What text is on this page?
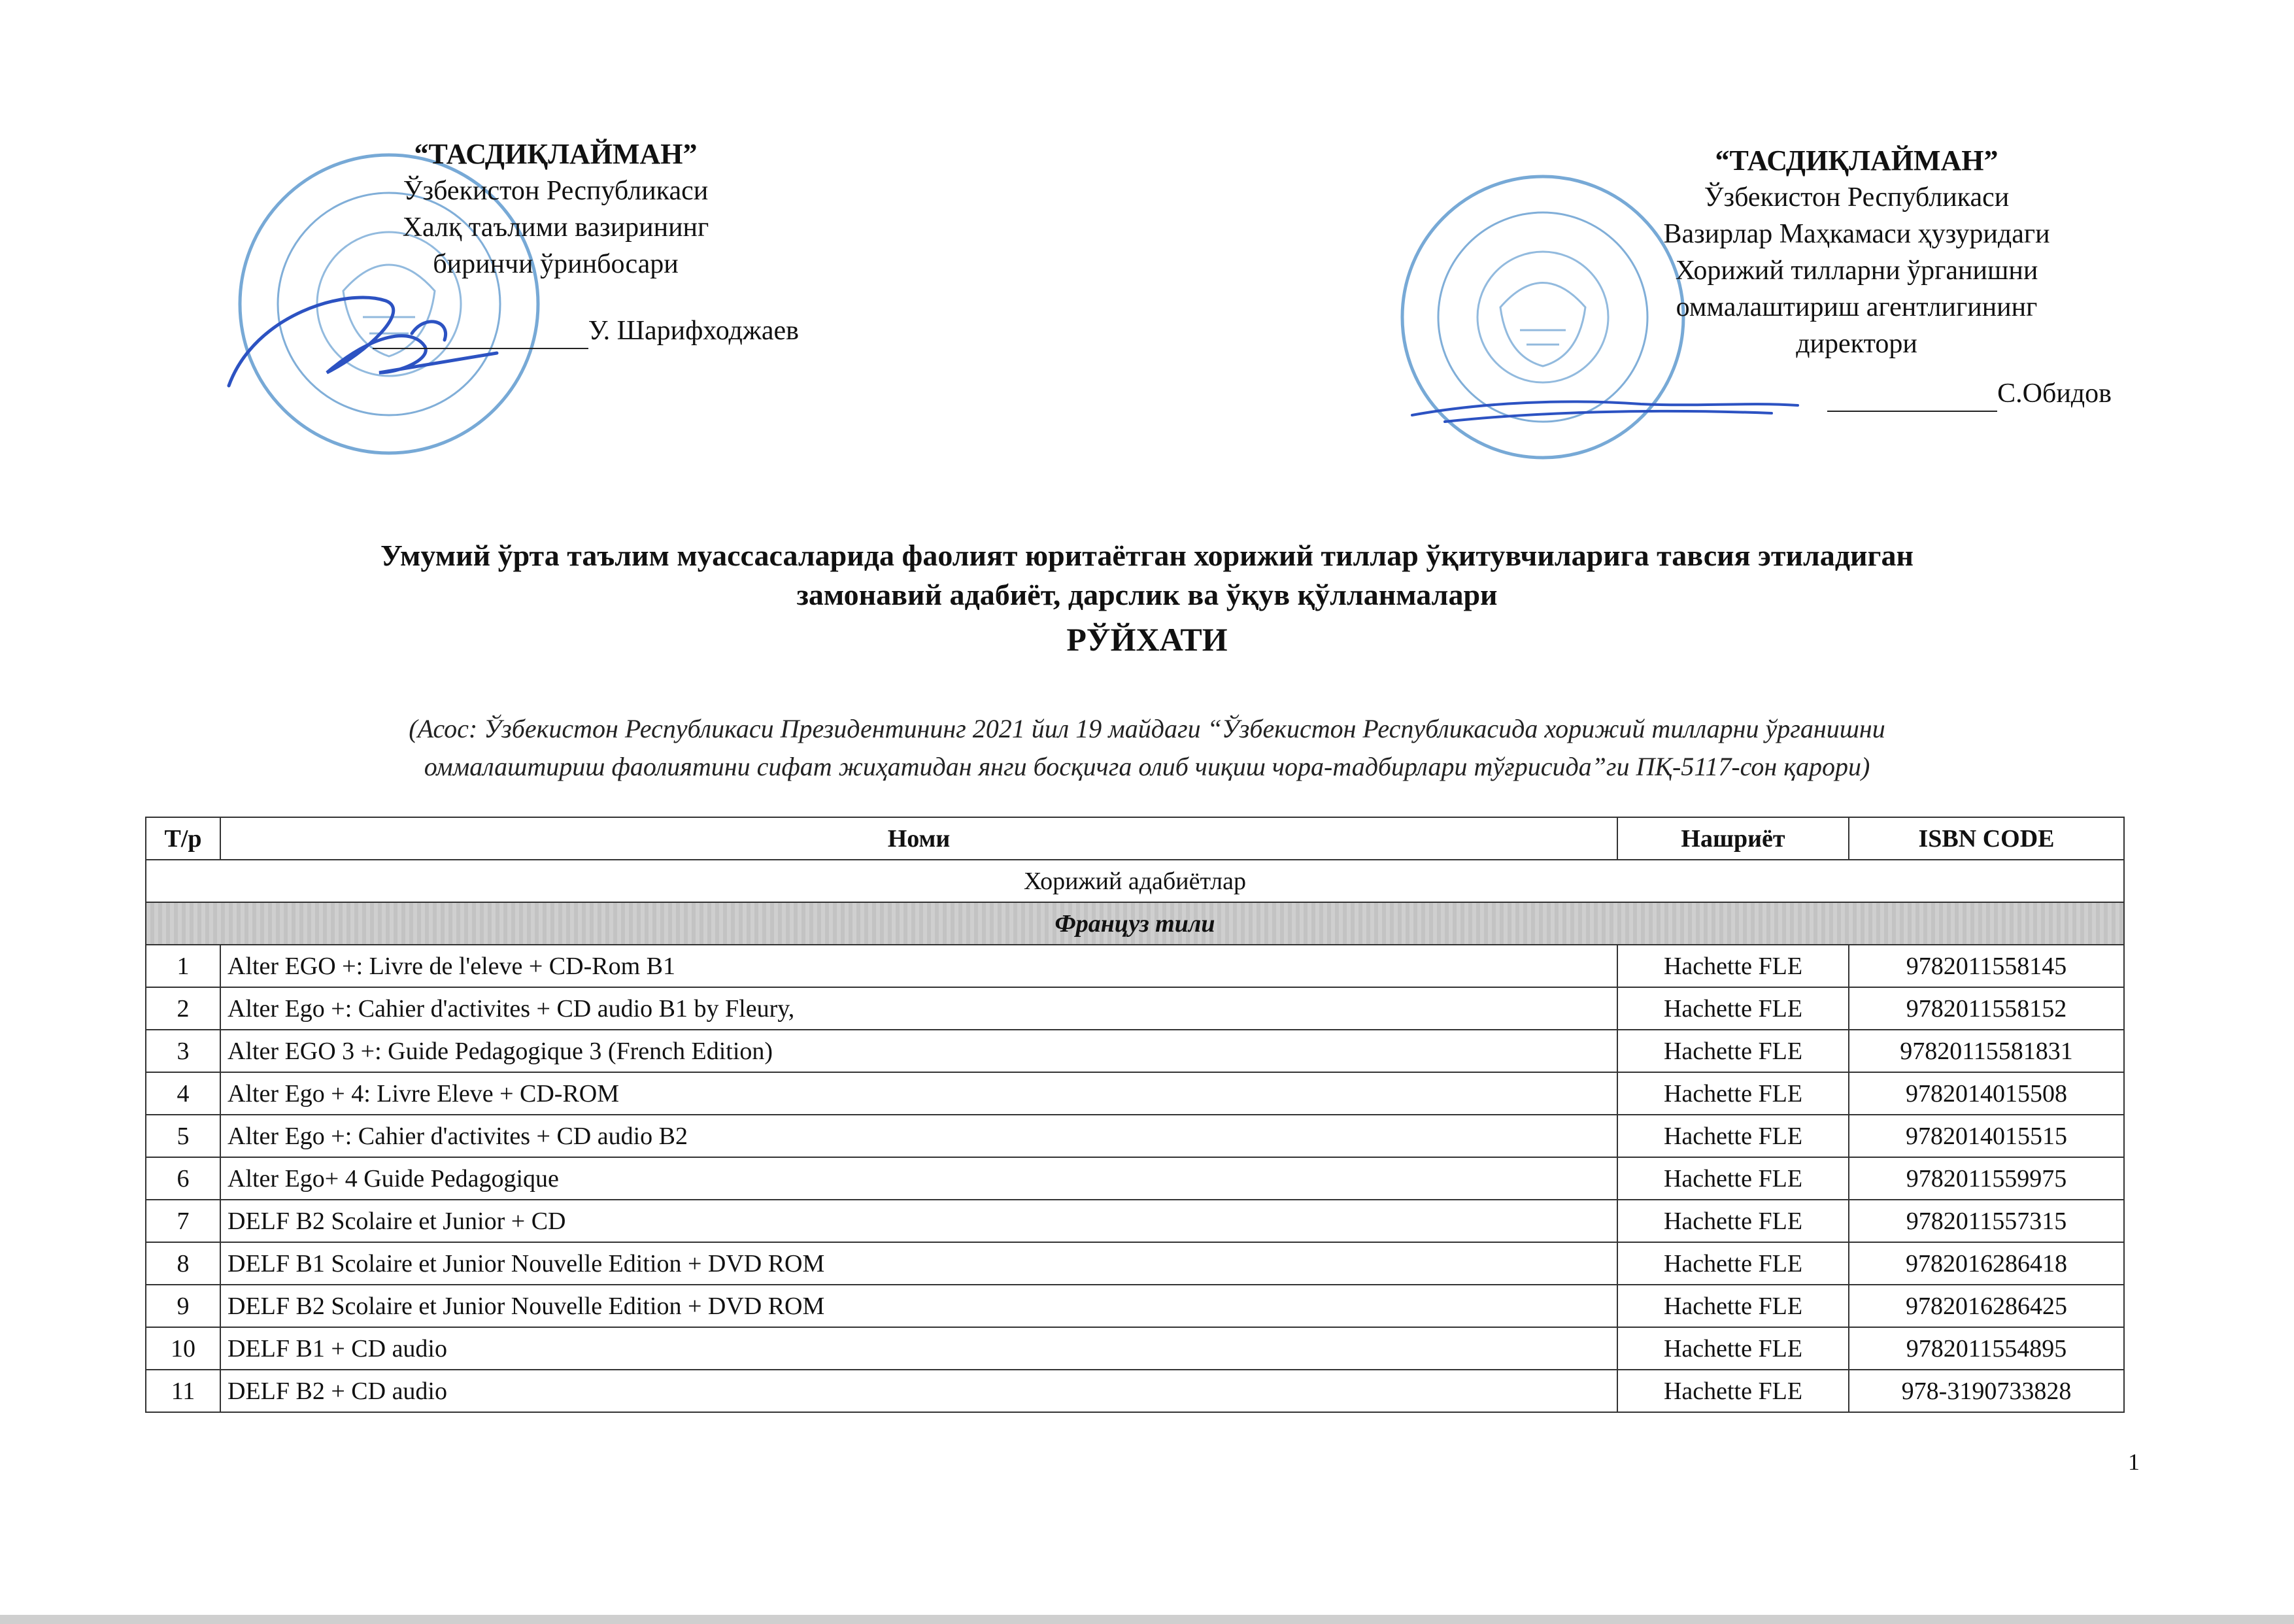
“ТАСДИҚЛАЙМАН”
Ўзбекистон Республикаси
Халқ таълими вазирининг
биринчи ўринбосари
У. Шарифходжаев
“ТАСДИҚЛАЙМАН”
Ўзбекистон Республикаси
Вазирлар Маҳкамаси ҳузуридаги
Хорижий тилларни ўрганишни
оммалаштириш агентлигининг
директори
С.Обидов
Умумий ўрта таълим муассасаларида фаолият юритаётган хорижий тиллар ўқитувчиларига тавсия этиладиган
замонавий адабиёт, дарслик ва ўқув қўлланмалари
РЎЙХАТИ
(Асос: Ўзбекистон Республикаси Президентининг 2021 йил 19 майдаги “Ўзбекистон Республикасида хорижий тилларни ўрганишни
оммалаштириш фаолиятини сифат жиҳатидан янги босқичга олиб чиқиш чора-тадбирлари тўғрисида”ги ПҚ-5117-сон қарори)
Т/р	Номи	Нашриёт	ISBN CODE
Хорижий адабиётлар			
Француз тили			
1	Alter EGO +: Livre de l'eleve + CD-Rom B1	Hachette FLE	9782011558145
2	Alter Ego +: Cahier d'activites + CD audio B1 by Fleury,	Hachette FLE	9782011558152
3	Alter EGO 3 +: Guide Pedagogique 3 (French Edition)	Hachette FLE	97820115581831
4	Alter Ego + 4: Livre Eleve + CD-ROM	Hachette FLE	9782014015508
5	Alter Ego +: Cahier d'activites + CD audio B2	Hachette FLE	9782014015515
6	Alter Ego+ 4 Guide Pedagogique	Hachette FLE	9782011559975
7	DELF B2 Scolaire et Junior + CD	Hachette FLE	9782011557315
8	DELF B1 Scolaire et Junior Nouvelle Edition + DVD ROM	Hachette FLE	9782016286418
9	DELF B2 Scolaire et Junior Nouvelle Edition + DVD ROM	Hachette FLE	9782016286425
10	DELF B1 + CD audio	Hachette FLE	9782011554895
11	DELF B2 + CD audio	Hachette FLE	978-3190733828
1
